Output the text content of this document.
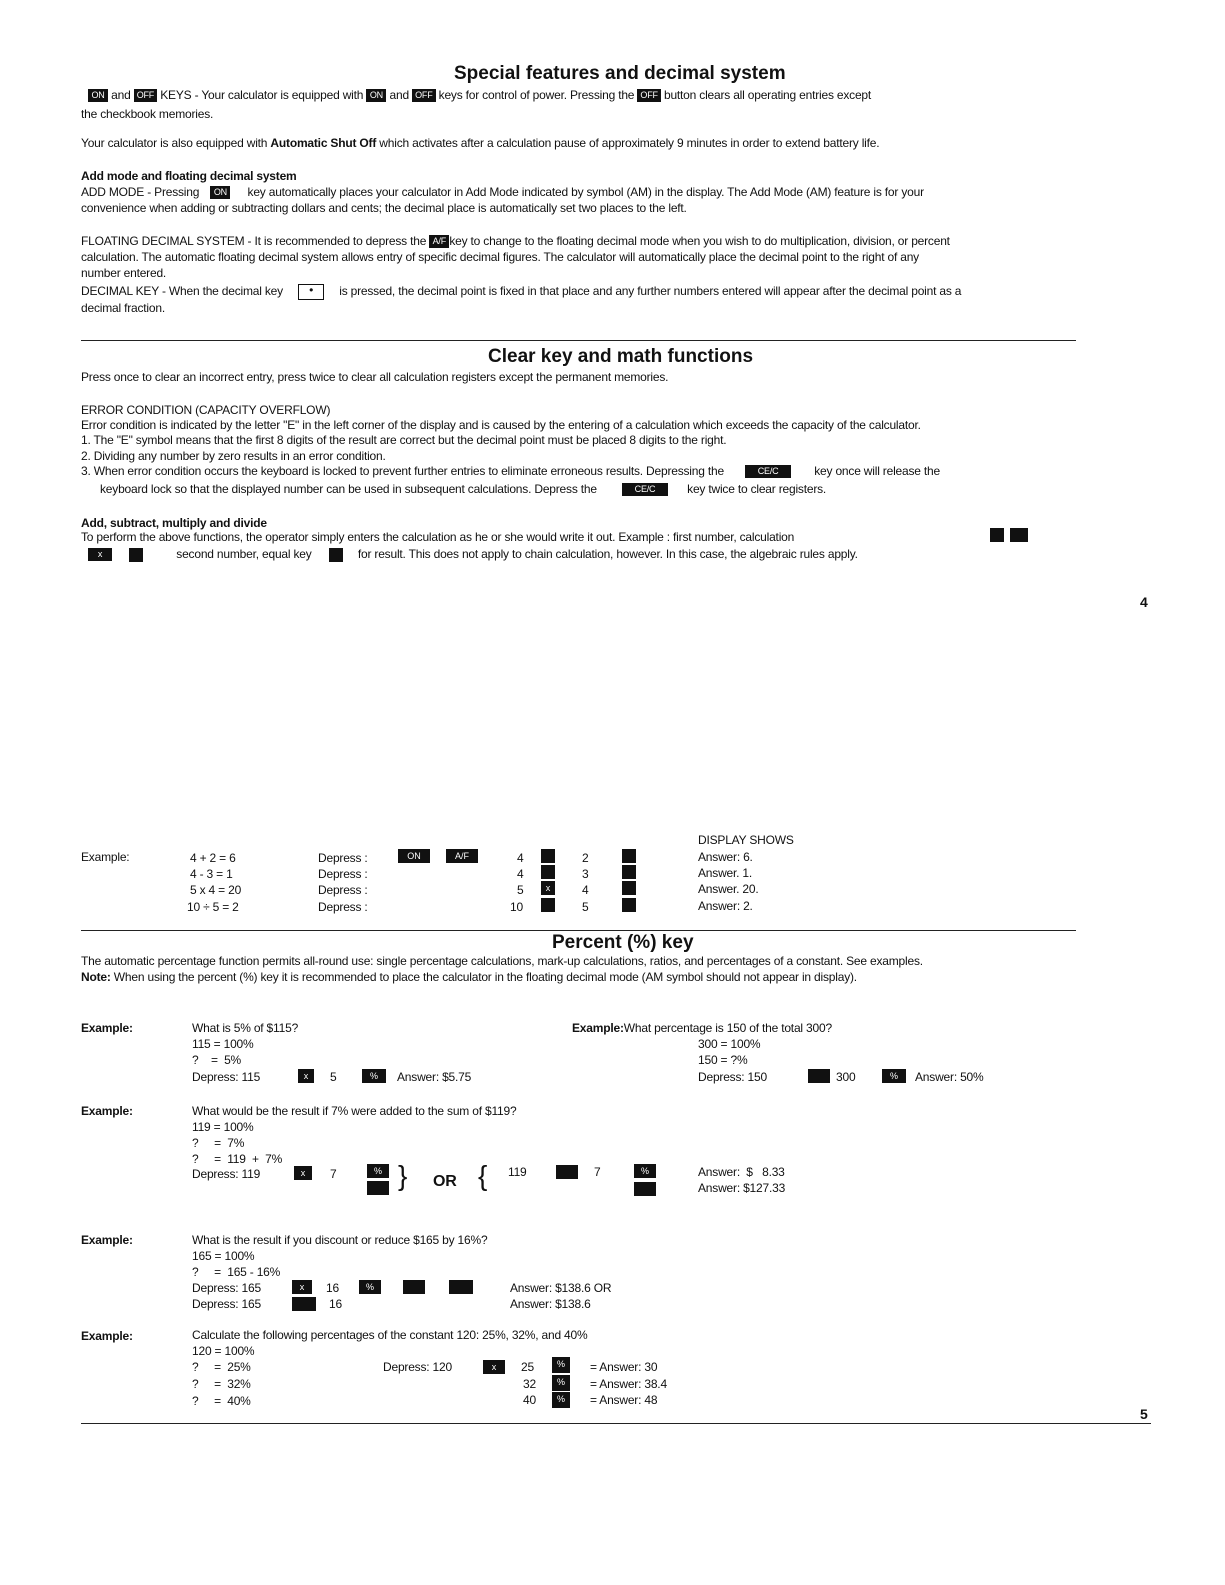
Special features and decimal system
ON and OFF KEYS - Your calculator is equipped with ON and OFF keys for control of power. Pressing the OFF button clears all operating entries except
the checkbook memories.
Your calculator is also equipped with Automatic Shut Off which activates after a calculation pause of approximately 9 minutes in order to extend battery life.
Add mode and floating decimal system
ADD MODE - Pressing ON key automatically places your calculator in Add Mode indicated by symbol (AM) in the display. The Add Mode (AM) feature is for your
convenience when adding or subtracting dollars and cents; the decimal place is automatically set two places to the left.
FLOATING DECIMAL SYSTEM - It is recommended to depress the A/F key to change to the floating decimal mode when you wish to do multiplication, division, or percent
calculation. The automatic floating decimal system allows entry of specific decimal figures. The calculator will automatically place the decimal point to the right of any
number entered.
DECIMAL KEY - When the decimal key • is pressed, the decimal point is fixed in that place and any further numbers entered will appear after the decimal point as a
decimal fraction.
Clear key and math functions
Press once to clear an incorrect entry, press twice to clear all calculation registers except the permanent memories.
ERROR CONDITION (CAPACITY OVERFLOW)
Error condition is indicated by the letter "E" in the left corner of the display and is caused by the entering of a calculation which exceeds the capacity of the calculator.
1. The "E" symbol means that the first 8 digits of the result are correct but the decimal point must be placed 8 digits to the right.
2. Dividing any number by zero results in an error condition.
3. When error condition occurs the keyboard is locked to prevent further entries to eliminate erroneous results. Depressing the	CE/C	key once will release the
keyboard lock so that the displayed number can be used in subsequent calculations. Depress the	CE/C	key twice to clear registers.
Add, subtract, multiply and divide
To perform the above functions, the operator simply enters the calculation as he or she would write it out. Example : first number, calculation
x	second number, equal key	for result. This does not apply to chain calculation, however. In this case, the algebraic rules apply.
4
Example:
DISPLAY SHOWS
ON	A/F
4 + 2 = 6	Depress :	4	2	Answer: 6.
4 - 3 = 1	Depress :	4	3	Answer. 1.
5 x 4 = 20	Depress :	5	x	4	Answer. 20.
10 ÷ 5 = 2	Depress :	10	5	Answer: 2.
Percent (%) key
The automatic percentage function permits all-round use: single percentage calculations, mark-up calculations, ratios, and percentages of a constant. See examples.
Note: When using the percent (%) key it is recommended to place the calculator in the floating decimal mode (AM symbol should not appear in display).
Example:	What is 5% of $115?
115 = 100%
?    =  5%
Depress: 115	x	5	%	Answer: $5.75
Example:What percentage is 150 of the total 300?
300 = 100%
150 = ?%
Depress: 150	300	%	Answer: 50%
Example:	What would be the result if 7% were added to the sum of $119?
119 = 100%
?     =  7%
?     =  119  +  7%
Depress: 119	x	7	% } OR { 119	7	%	Answer:  $   8.33
Answer: $127.33
Example:	What is the result if you discount or reduce $165 by 16%?
165 = 100%
?     =  165 - 16%
Depress: 165	x	16	%	Answer: $138.6 OR
Depress: 165	16	Answer: $138.6
Example:	Calculate the following percentages of the constant 120: 25%, 32%, and 40%
120 = 100%
?     =  25%
?     =  32%
?     =  40%
Depress: 120	x	25	%	= Answer: 30
32	%	= Answer: 38.4
40	%	= Answer: 48
5
